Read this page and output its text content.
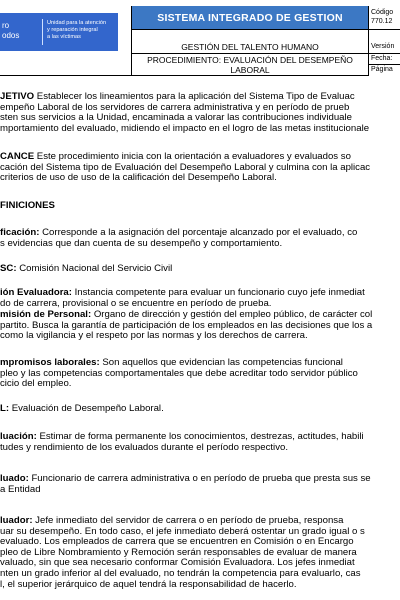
ro
odos
Unidad para la atención
y reparación integral
a las víctimas
SISTEMA INTEGRADO DE GESTION
GESTIÓN DEL TALENTO HUMANO
PROCEDIMIENTO: EVALUACIÓN DEL DESEMPEÑO
LABORAL
Código
770.12
Versión
Fecha:
Página
JETIVO Establecer los lineamientos para la aplicación del Sistema Tipo de Evaluac
empeño Laboral de los servidores de carrera administrativa y en período de prueb
sten sus servicios a la Unidad, encaminada a valorar las contribuciones individuale
mportamiento del evaluado, midiendo el impacto en el logro de las metas institucionale
CANCE Este procedimiento inicia con la orientación a evaluadores y evaluados so
cación del Sistema tipo de Evaluación del Desempeño Laboral y culmina con la aplicac
criterios de uso de uso de la calificación del Desempeño Laboral.
FINICIONES
ficación: Corresponde a la asignación del porcentaje alcanzado por el evaluado, co
s evidencias que dan cuenta de su desempeño y comportamiento.
SC: Comisión Nacional del Servicio Civil
ión Evaluadora: Instancia competente para evaluar un funcionario cuyo jefe inmediat
do de carrera, provisional o se encuentre en período de prueba.
misión de Personal: Órgano de dirección y gestión del empleo público, de carácter col
partito. Busca la garantía de participación de los empleados en las decisiones que los a
como la vigilancia y el respeto por las normas y los derechos de carrera.
mpromisos laborales: Son aquellos que evidencian las competencias funcional
pleo y las competencias comportamentales que debe acreditar todo servidor público
cicio del empleo.
L: Evaluación de Desempeño Laboral.
luación: Estimar de forma permanente los conocimientos, destrezas, actitudes, habili
tudes y rendimiento de los evaluados durante el período respectivo.
luado: Funcionario de carrera administrativa o en período de prueba que presta sus se
a Entidad
luador: Jefe inmediato del servidor de carrera o en período de prueba, responsa
uar su desempeño. En todo caso, el jefe inmediato deberá ostentar un grado igual o s
evaluado. Los empleados de carrera que se encuentren en Comisión o en Encargo
pleo de Libre Nombramiento y Remoción serán responsables de evaluar de manera
valuado, sin que sea necesario conformar Comisión Evaluadora. Los jefes inmediat
nten un grado inferior al del evaluado, no tendrán la competencia para evaluarlo, cas
l, el superior jerárquico de aquel tendrá la responsabilidad de hacerlo.
